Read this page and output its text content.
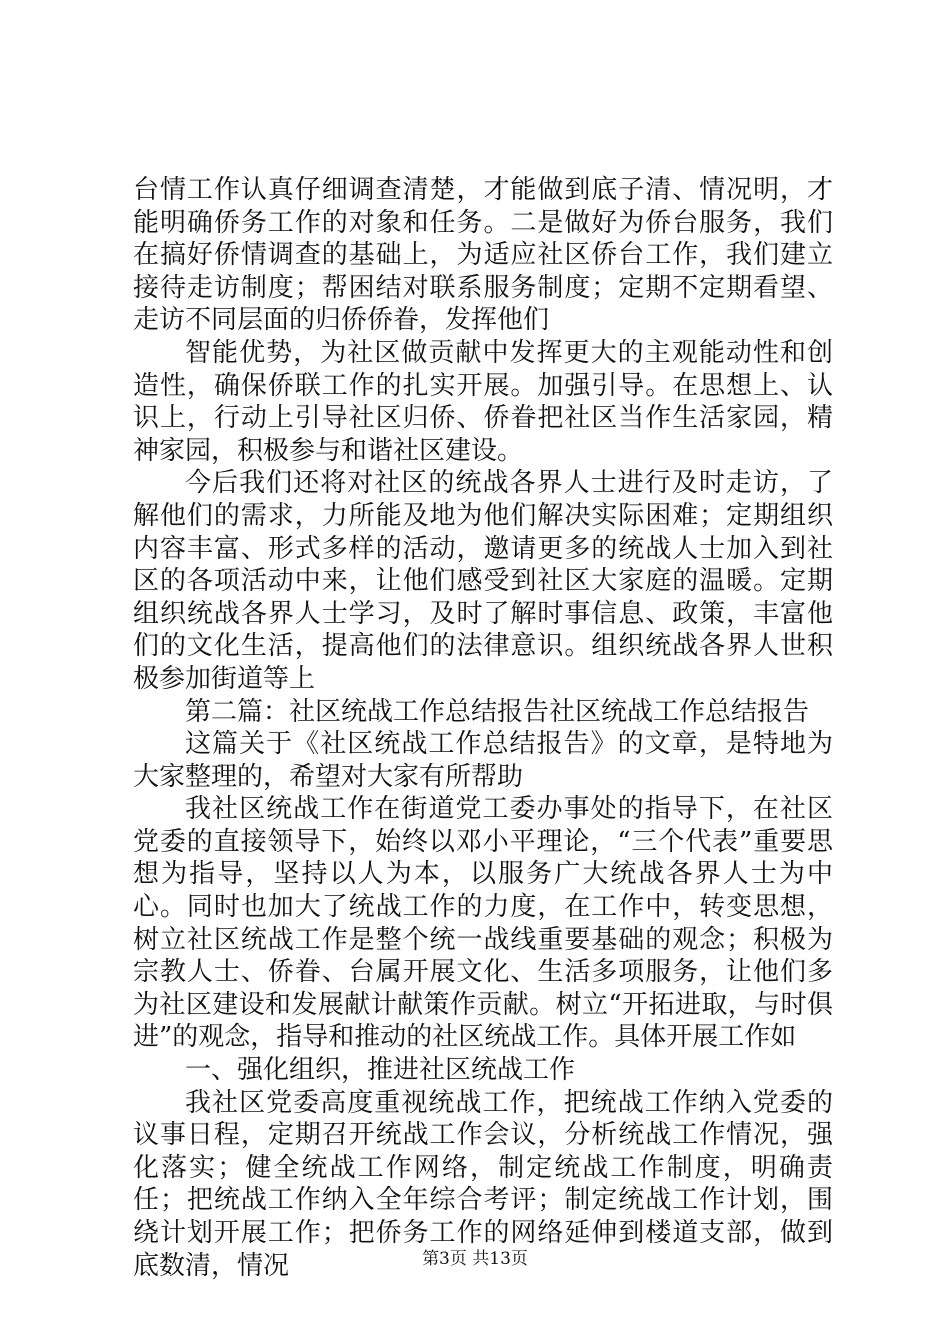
台情工作认真仔细调查清楚，才能做到底子清、情况明，才能明确侨务工作的对象和任务。二是做好为侨台服务，我们在搞好侨情调查的基础上，为适应社区侨台工作，我们建立接待走访制度；帮困结对联系服务制度；定期不定期看望、走访不同层面的归侨侨眷，发挥他们

智能优势，为社区做贡献中发挥更大的主观能动性和创造性，确保侨联工作的扎实开展。加强引导。在思想上、认识上，行动上引导社区归侨、侨眷把社区当作生活家园，精神家园，积极参与和谐社区建设。

今后我们还将对社区的统战各界人士进行及时走访，了解他们的需求，力所能及地为他们解决实际困难；定期组织内容丰富、形式多样的活动，邀请更多的统战人士加入到社区的各项活动中来，让他们感受到社区大家庭的温暖。定期组织统战各界人士学习，及时了解时事信息、政策，丰富他们的文化生活，提高他们的法律意识。组织统战各界人世积极参加街道等上

第二篇：社区统战工作总结报告社区统战工作总结报告

这篇关于《社区统战工作总结报告》的文章，是特地为大家整理的，希望对大家有所帮助

我社区统战工作在街道党工委办事处的指导下，在社区党委的直接领导下，始终以邓小平理论，“三个代表”重要思想为指导，坚持以人为本，以服务广大统战各界人士为中心。同时也加大了统战工作的力度，在工作中，转变思想，树立社区统战工作是整个统一战线重要基础的观念；积极为宗教人士、侨眷、台属开展文化、生活多项服务，让他们多为社区建设和发展献计献策作贡献。树立“开拓进取，与时俱进”的观念，指导和推动的社区统战工作。具体开展工作如

一、强化组织，推进社区统战工作

我社区党委高度重视统战工作，把统战工作纳入党委的议事日程，定期召开统战工作会议，分析统战工作情况，强化落实；健全统战工作网络，制定统战工作制度，明确责任；把统战工作纳入全年综合考评；制定统战工作计划，围绕计划开展工作；把侨务工作的网络延伸到楼道支部，做到底数清，情况	第3页 共13页
